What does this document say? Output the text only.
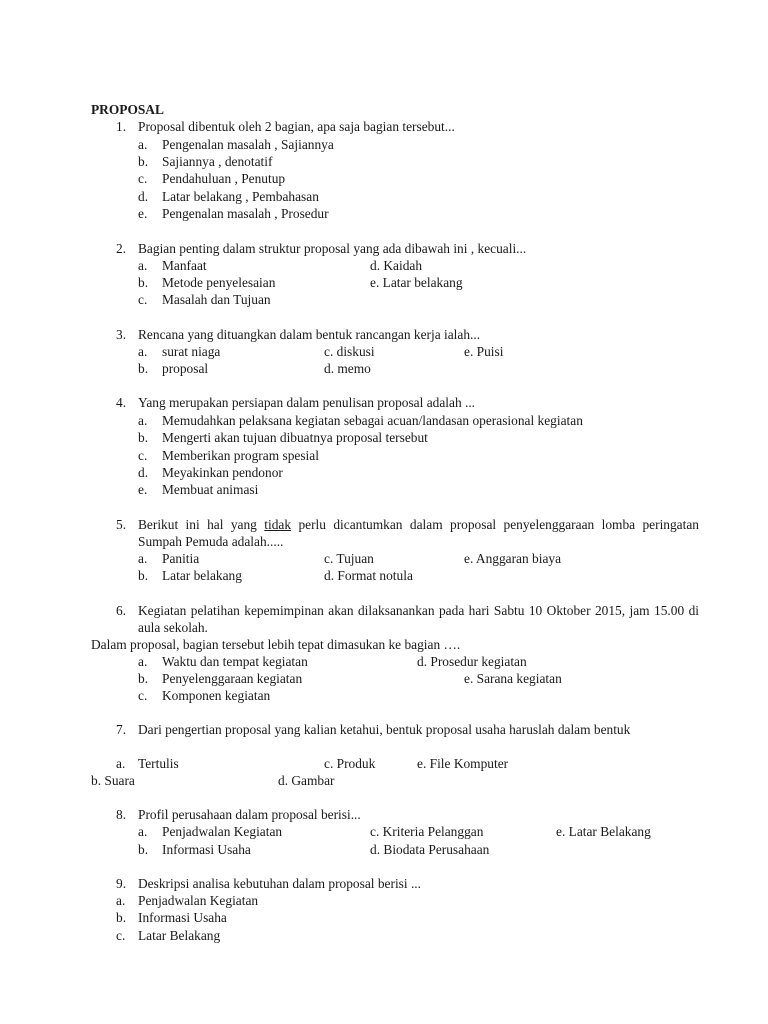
PROPOSAL
1. Proposal dibentuk oleh 2 bagian, apa saja bagian tersebut...
a. Pengenalan masalah , Sajiannya
b. Sajiannya , denotatif
c. Pendahuluan , Penutup
d. Latar belakang , Pembahasan
e. Pengenalan masalah , Prosedur
2. Bagian penting dalam struktur proposal yang ada dibawah ini , kecuali...
a. Manfaat	d. Kaidah
b. Metode penyelesaian	e. Latar belakang
c. Masalah dan Tujuan
3. Rencana yang dituangkan dalam bentuk rancangan kerja ialah...
a. surat niaga	c. diskusi	e. Puisi
b. proposal	d. memo
4. Yang merupakan persiapan dalam penulisan proposal adalah ...
a. Memudahkan pelaksana kegiatan sebagai acuan/landasan operasional kegiatan
b. Mengerti akan tujuan dibuatnya proposal tersebut
c. Memberikan program spesial
d. Meyakinkan pendonor
e. Membuat animasi
5. Berikut ini hal yang tidak perlu dicantumkan dalam proposal penyelenggaraan lomba peringatan Sumpah Pemuda adalah.....
a. Panitia	c. Tujuan	e. Anggaran biaya
b. Latar belakang	d. Format notula
6. Kegiatan pelatihan kepemimpinan akan dilaksanankan pada hari Sabtu 10 Oktober 2015, jam 15.00 di aula sekolah.
Dalam proposal, bagian tersebut lebih tepat dimasukan ke bagian ….
a. Waktu dan tempat kegiatan	d. Prosedur kegiatan
b. Penyelenggaraan kegiatan	e. Sarana kegiatan
c. Komponen kegiatan
7. Dari pengertian proposal yang kalian ketahui, bentuk proposal usaha haruslah dalam bentuk
a. Tertulis	c. Produk	e. File Komputer
b. Suara	d. Gambar
8. Profil perusahaan dalam proposal berisi...
a. Penjadwalan Kegiatan	c. Kriteria Pelanggan	e. Latar Belakang
b. Informasi Usaha	d. Biodata Perusahaan
9. Deskripsi analisa kebutuhan dalam proposal berisi ...
a. Penjadwalan Kegiatan
b. Informasi Usaha
c. Latar Belakang
